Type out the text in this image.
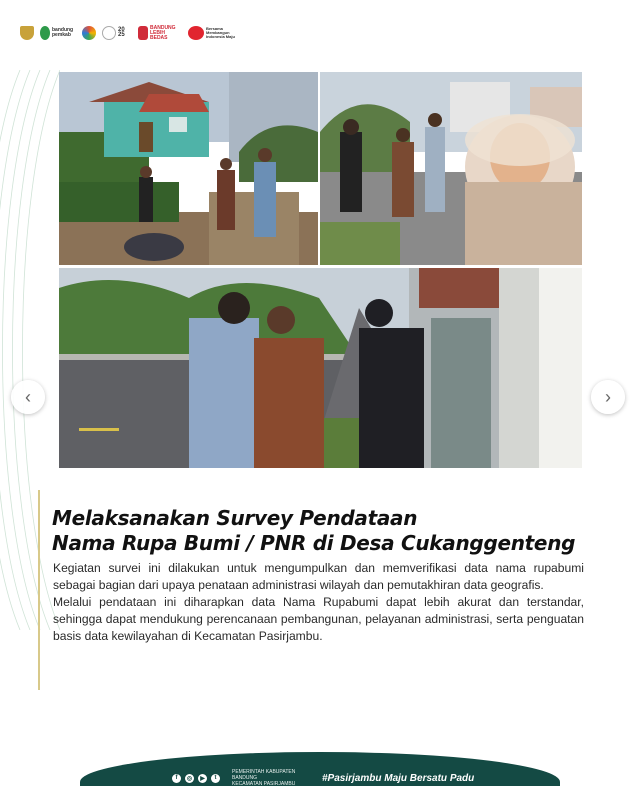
bandung pemkab
20 25
BANDUNG LEBIH BEDAS
Bersama Membangun Indonesia Maju
‹	›
Melaksanakan Survey Pendataan
Nama Rupa Bumi / PNR di Desa Cukanggenteng

Kegiatan survei ini dilakukan untuk mengumpulkan dan memverifikasi data nama rupabumi sebagai bagian dari upaya penataan administrasi wilayah dan pemutakhiran data geografis.

Melalui pendataan ini diharapkan data Nama Rupabumi dapat lebih akurat dan terstandar, sehingga dapat mendukung perencanaan pembangunan, pelayanan administrasi, serta penguatan basis data kewilayahan di Kecamatan Pasirjambu.

f	◎	▶	t
PEMERINTAH KABUPATEN BANDUNG
KECAMATAN PASIRJAMBU
#Pasirjambu Maju Bersatu Padu
